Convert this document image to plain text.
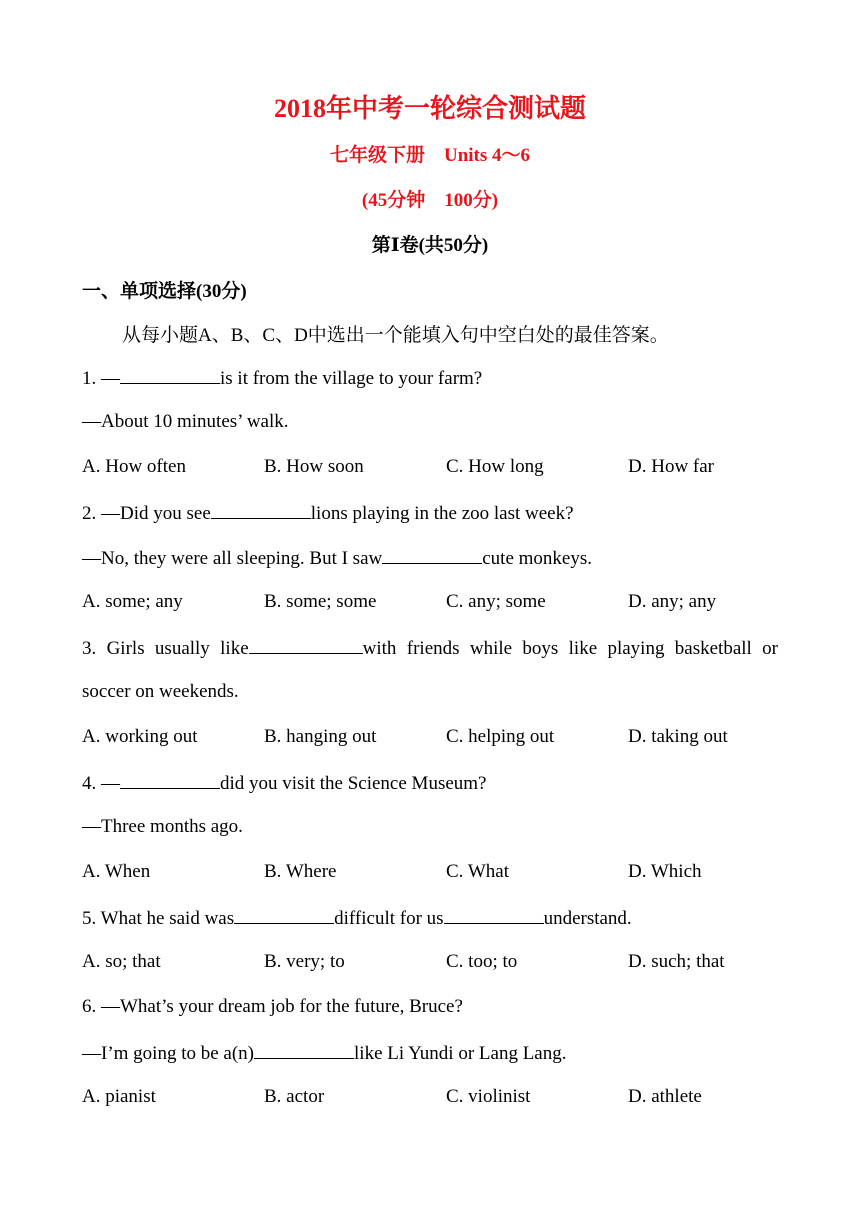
2018年中考一轮综合测试题
七年级下册　Units 4～6
(45分钟　100分)
第Ⅰ卷(共50分)
一、单项选择(30分)
从每小题A、B、C、D中选出一个能填入句中空白处的最佳答案。
1. —	is it from the village to your farm?
—About 10 minutes’ walk.
A. How often	B. How soon	C. How long	D. How far
2. —Did you see	lions playing in the zoo last week?
—No, they were all sleeping. But I saw	cute monkeys.
A. some; any	B. some; some	C. any; some	D. any; any
3. Girls usually like	with friends while boys like playing basketball or
soccer on weekends.
A. working out	B. hanging out	C. helping out	D. taking out
4. —	did you visit the Science Museum?
—Three months ago.
A. When	B. Where	C. What	D. Which
5. What he said was	difficult for us	understand.
A. so; that	B. very; to	C. too; to	D. such; that
6. —What’s your dream job for the future, Bruce?
—I’m going to be a(n)	like Li Yundi or Lang Lang.
A. pianist	B. actor	C. violinist	D. athlete
